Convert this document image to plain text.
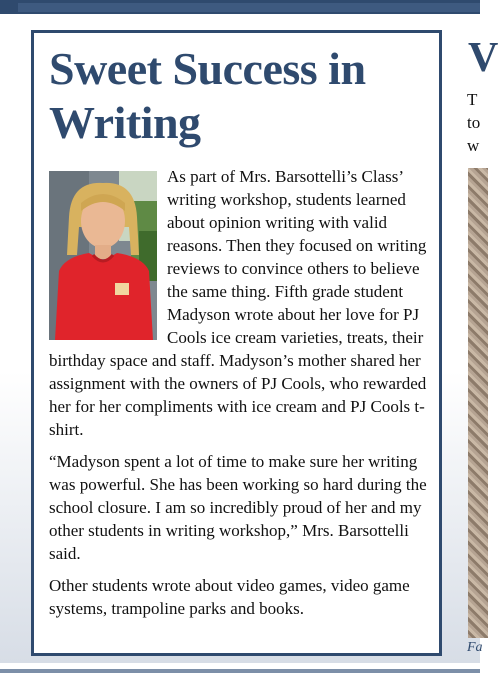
Sweet Success in Writing

As part of Mrs. Barsottelli’s Class’ writing workshop, students learned about opinion writing with valid reasons. Then they focused on writing reviews to convince others to believe the same thing. Fifth grade student Madyson wrote about her love for PJ Cools ice cream varieties, treats, their birthday space and staff. Madyson’s mother shared her assignment with the owners of PJ Cools, who rewarded her for her compliments with ice cream and PJ Cools t-shirt.

“Madyson spent a lot of time to make sure her writing was powerful. She has been working so hard during the school closure. I am so incredibly proud of her and my other students in writing workshop,” Mrs. Barsottelli said.

Other students wrote about video games, video game systems, trampoline parks and books.

V
T
to
w
Fa
